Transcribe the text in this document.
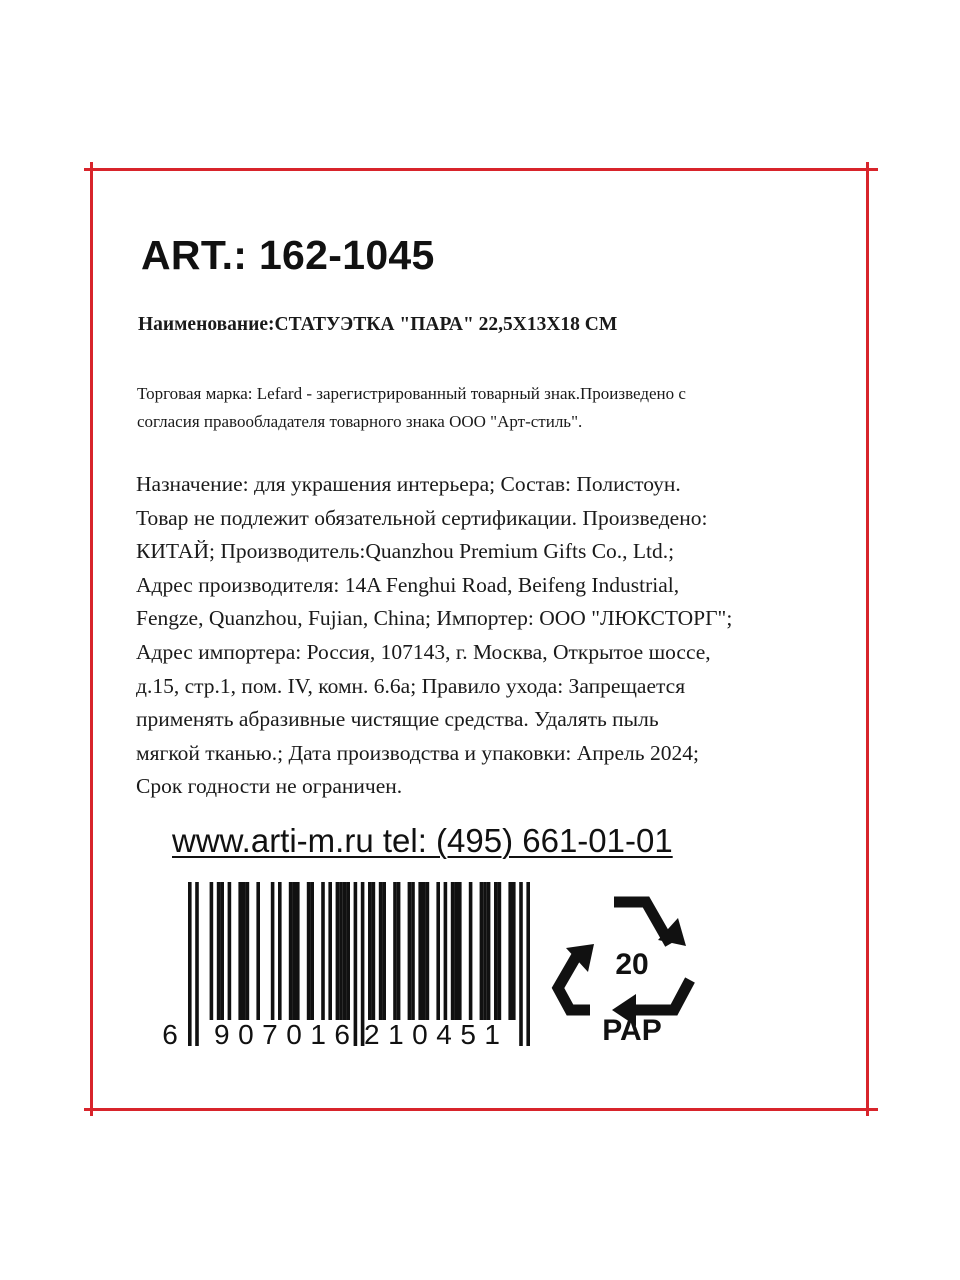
ART.: 162-1045
Наименование:СТАТУЭТКА "ПАРА" 22,5X13X18 СМ
Торговая марка: Lefard - зарегистрированный товарный знак.Произведено с
согласия правообладателя товарного знака ООО "Арт-стиль".
Назначение: для украшения интерьера; Состав: Полистоун.
Товар не подлежит обязательной сертификации. Произведено:
КИТАЙ; Производитель:Quanzhou Premium Gifts Co., Ltd.;
Адрес производителя: 14A Fenghui Road, Beifeng Industrial,
Fengze, Quanzhou, Fujian, China; Импортер: ООО "ЛЮКСТОРГ";
Адрес импортера: Россия, 107143, г. Москва, Открытое шоссе,
д.15, стр.1, пом. IV, комн. 6.6а; Правило ухода: Запрещается
применять абразивные чистящие средства. Удалять пыль
мягкой тканью.; Дата производства и упаковки: Апрель 2024;
Срок годности не ограничен.
www.arti-m.ru tel: (495) 661-01-01
6 907016 210451
20
PAP
